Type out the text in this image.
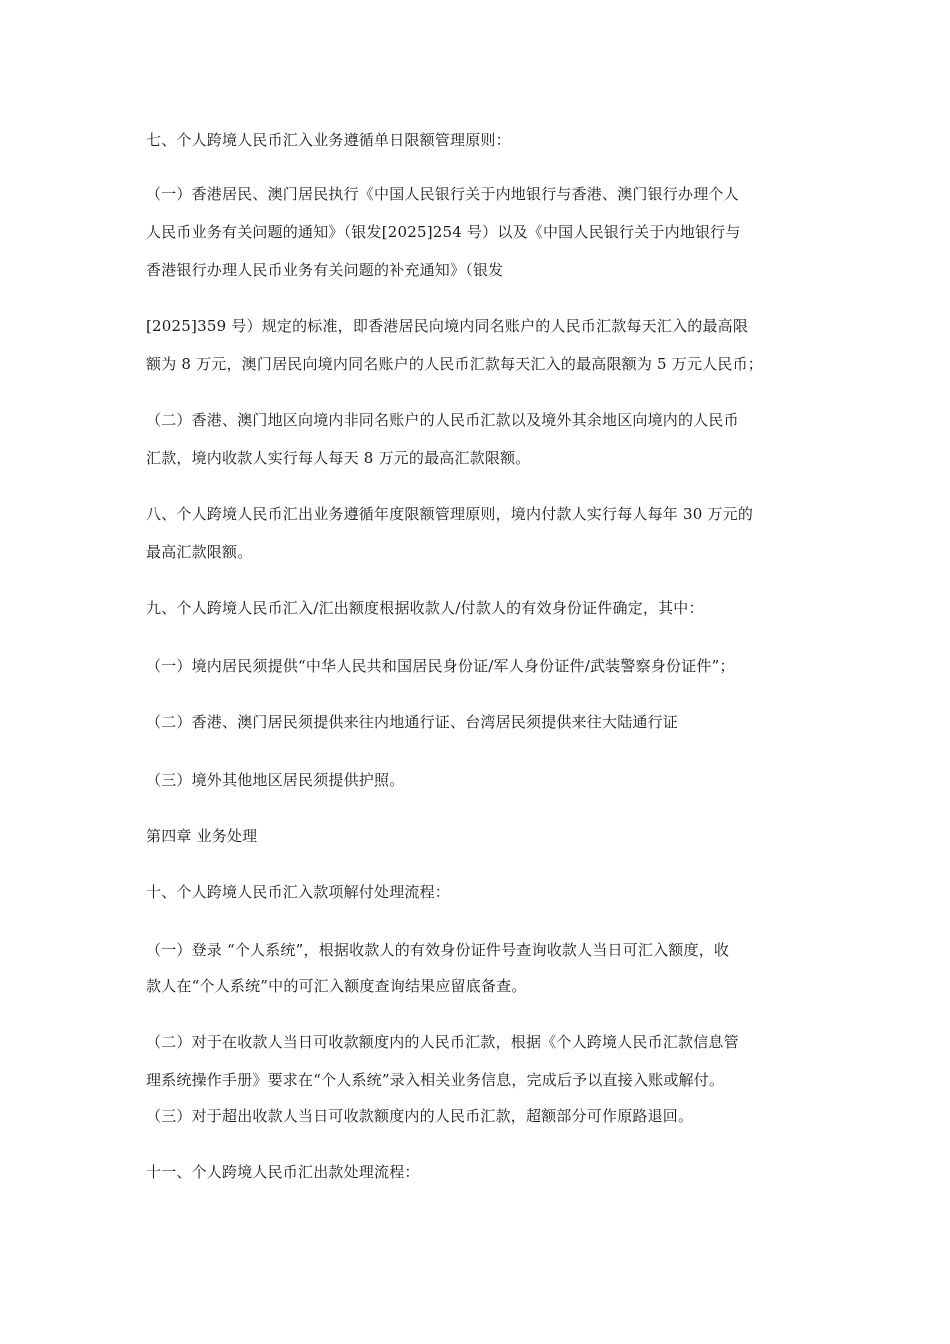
七、个人跨境人民币汇入业务遵循单日限额管理原则：
（一）香港居民、澳门居民执行《中国人民银行关于内地银行与香港、澳门银行办理个人
人民币业务有关问题的通知》（银发[2025]254 号）以及《中国人民银行关于内地银行与
香港银行办理人民币业务有关问题的补充通知》（银发
[2025]359 号）规定的标准，即香港居民向境内同名账户的人民币汇款每天汇入的最高限
额为 8 万元，澳门居民向境内同名账户的人民币汇款每天汇入的最高限额为 5 万元人民币；
（二）香港、澳门地区向境内非同名账户的人民币汇款以及境外其余地区向境内的人民币
汇款，境内收款人实行每人每天 8 万元的最高汇款限额。
八、个人跨境人民币汇出业务遵循年度限额管理原则，境内付款人实行每人每年 30 万元的
最高汇款限额。
九、个人跨境人民币汇入/汇出额度根据收款人/付款人的有效身份证件确定，其中：
（一）境内居民须提供“中华人民共和国居民身份证/军人身份证件/武装警察身份证件”；
（二）香港、澳门居民须提供来往内地通行证、台湾居民须提供来往大陆通行证
（三）境外其他地区居民须提供护照。
第四章 业务处理
十、个人跨境人民币汇入款项解付处理流程：
（一）登录 “个人系统”，根据收款人的有效身份证件号查询收款人当日可汇入额度，收
款人在“个人系统”中的可汇入额度查询结果应留底备查。
（二）对于在收款人当日可收款额度内的人民币汇款，根据《个人跨境人民币汇款信息管
理系统操作手册》要求在“个人系统”录入相关业务信息，完成后予以直接入账或解付。
（三）对于超出收款人当日可收款额度内的人民币汇款，超额部分可作原路退回。
十一、个人跨境人民币汇出款处理流程：
